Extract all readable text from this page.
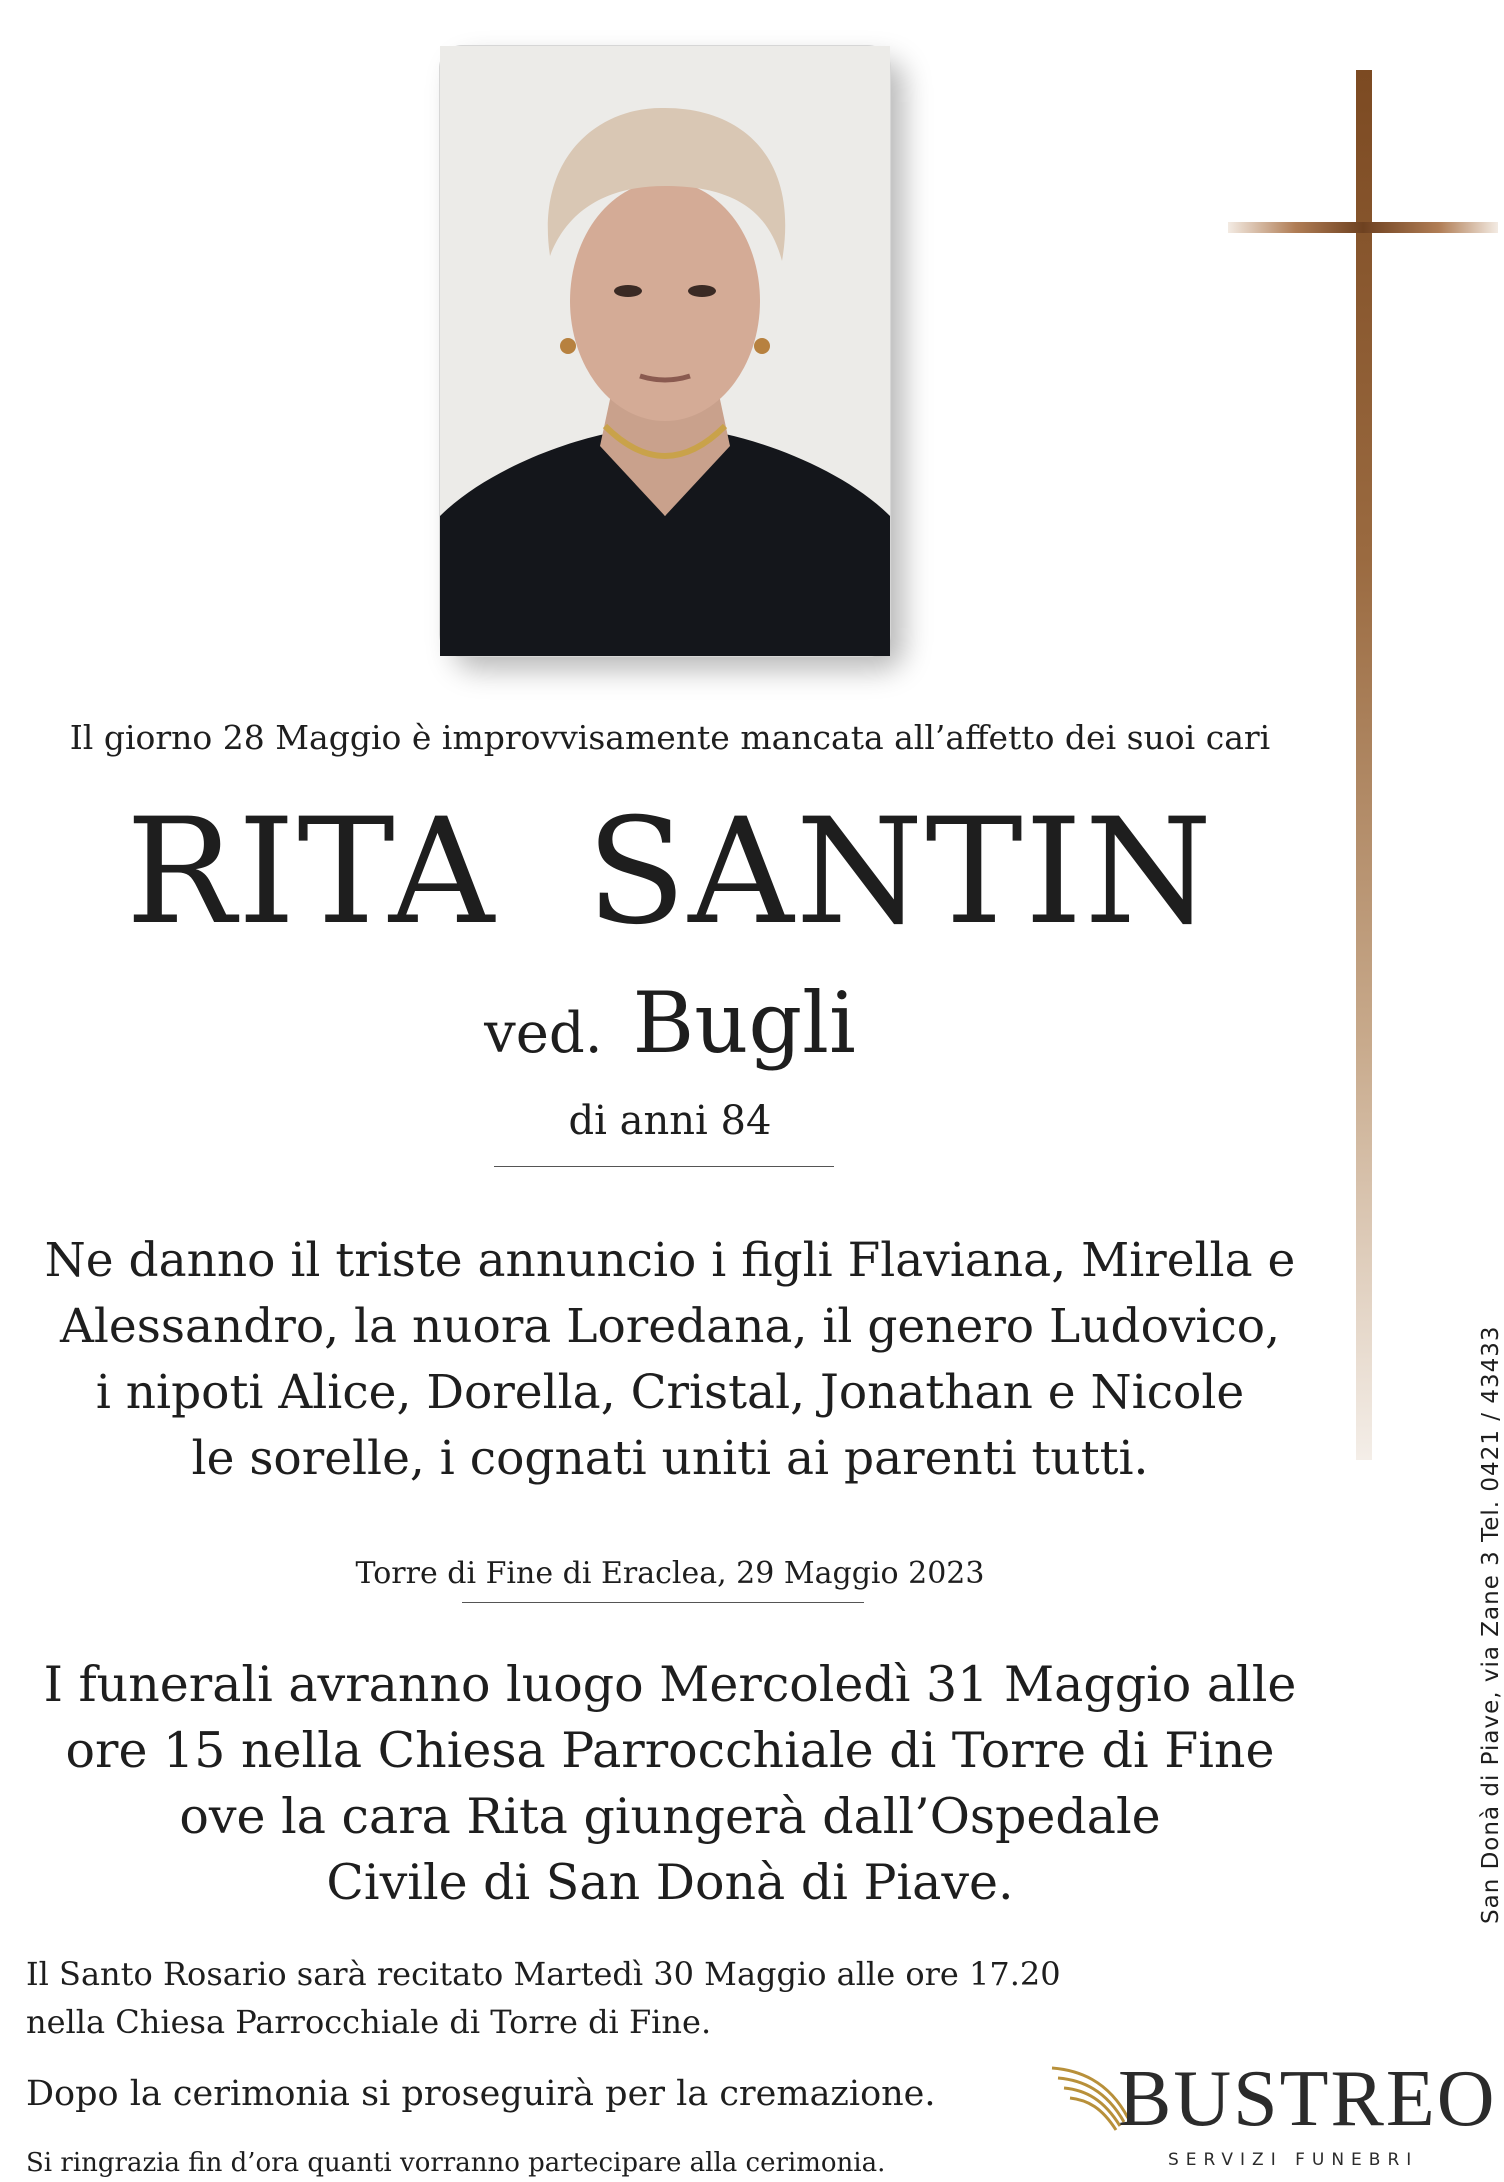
Il giorno 28 Maggio è improvvisamente mancata all’affetto dei suoi cari
RITA SANTIN
ved. Bugli
di anni 84
Ne danno il triste annuncio i figli Flaviana, Mirella e
Alessandro, la nuora Loredana, il genero Ludovico,
i nipoti Alice, Dorella, Cristal, Jonathan e Nicole
le sorelle, i cognati uniti ai parenti tutti.
Torre di Fine di Eraclea, 29 Maggio 2023
I funerali avranno luogo Mercoledì 31 Maggio alle
ore 15 nella Chiesa Parrocchiale di Torre di Fine
ove la cara Rita giungerà dall’Ospedale
Civile di San Donà di Piave.
Il Santo Rosario sarà recitato Martedì 30 Maggio alle ore 17.20
nella Chiesa Parrocchiale di Torre di Fine.
Dopo la cerimonia si proseguirà per la cremazione.
Si ringrazia fin d’ora quanti vorranno partecipare alla cerimonia.
San Donà di Piave, via Zane 3 Tel. 0421 / 43433
BUSTREO
SERVIZI FUNEBRI
